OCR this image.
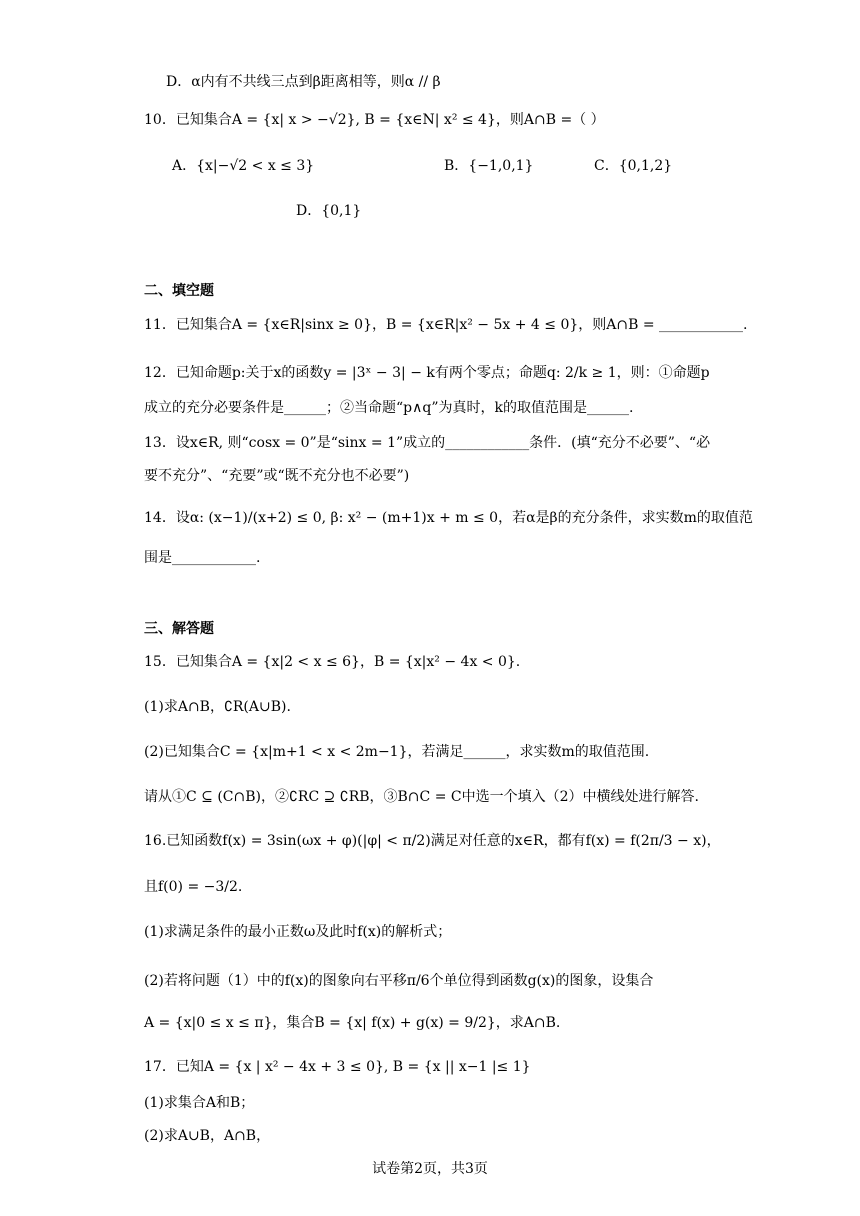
D．α内有不共线三点到β距离相等，则α // β
10．已知集合A = {x| x > −√2}, B = {x∈N| x² ≤ 4}，则A∩B =（ ）
A．{x|−√2 < x ≤ 3}	B．{−1,0,1}	C．{0,1,2}
D．{0,1}
二、填空题
11．已知集合A = {x∈R|sinx ≥ 0}，B = {x∈R|x² − 5x + 4 ≤ 0}，则A∩B = ____________.
12．已知命题p:关于x的函数y = |3ˣ − 3| − k有两个零点；命题q: 2/k ≥ 1，则：①命题p
成立的充分必要条件是______；②当命题“p∧q”为真时，k的取值范围是______.
13．设x∈R, 则“cosx = 0”是“sinx = 1”成立的____________条件．(填“充分不必要”、“必
要不充分”、“充要”或“既不充分也不必要”)
14．设α: (x−1)/(x+2) ≤ 0, β: x² − (m+1)x + m ≤ 0，若α是β的充分条件，求实数m的取值范
围是____________.
三、解答题
15．已知集合A = {x|2 < x ≤ 6}，B = {x|x² − 4x < 0}.
(1)求A∩B，∁R(A∪B).
(2)已知集合C = {x|m+1 < x < 2m−1}，若满足______，求实数m的取值范围.
请从①C ⊆ (C∩B)，②∁RC ⊇ ∁RB，③B∩C = C中选一个填入（2）中横线处进行解答.
16.已知函数f(x) = 3sin(ωx + φ)(|φ| < π/2)满足对任意的x∈R，都有f(x) = f(2π/3 − x)，
且f(0) = −3/2.
(1)求满足条件的最小正数ω及此时f(x)的解析式；
(2)若将问题（1）中的f(x)的图象向右平移π/6个单位得到函数g(x)的图象，设集合
A = {x|0 ≤ x ≤ π}，集合B = {x| f(x) + g(x) = 9/2}，求A∩B.
17．已知A = {x | x² − 4x + 3 ≤ 0}, B = {x || x−1 |≤ 1}
(1)求集合A和B；
(2)求A∪B，A∩B，
试卷第2页，共3页
